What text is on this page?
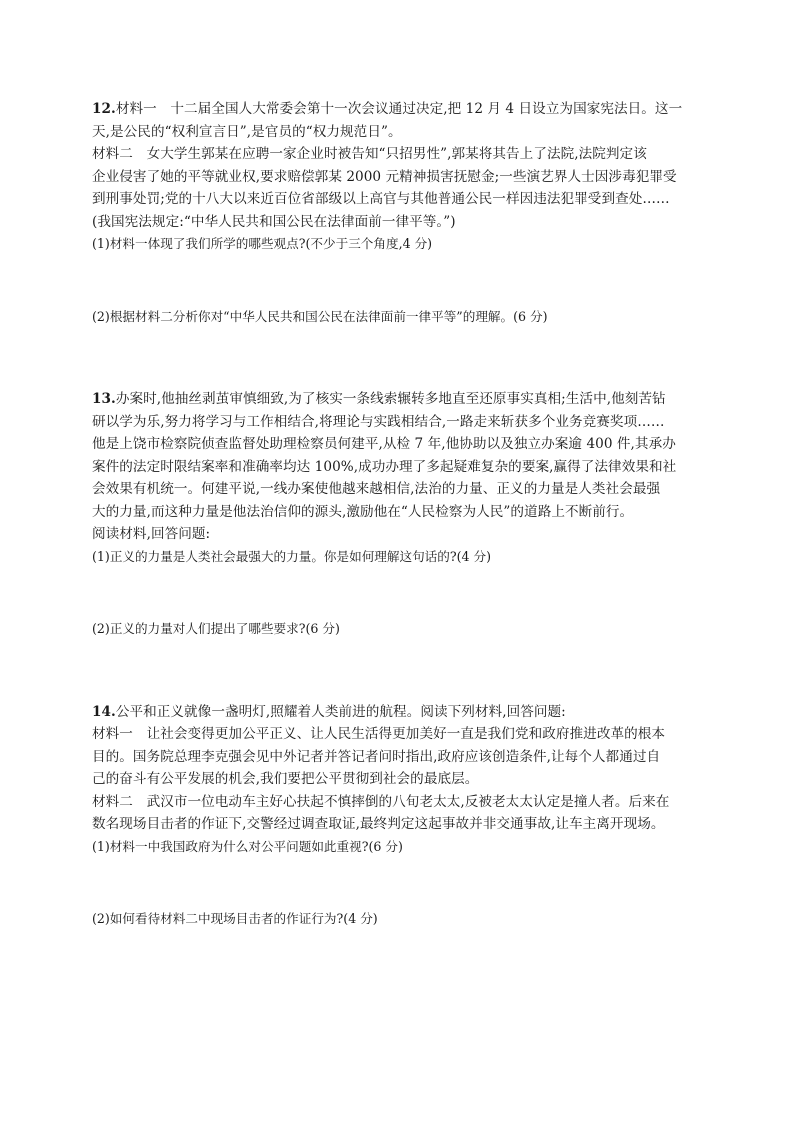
12.材料一　十二届全国人大常委会第十一次会议通过决定,把 12 月 4 日设立为国家宪法日。这一
天,是公民的“权利宣言日”,是官员的“权力规范日”。
材料二　女大学生郭某在应聘一家企业时被告知“只招男性”,郭某将其告上了法院,法院判定该
企业侵害了她的平等就业权,要求赔偿郭某 2000 元精神损害抚慰金;一些演艺界人士因涉毒犯罪受
到刑事处罚;党的十八大以来近百位省部级以上高官与其他普通公民一样因违法犯罪受到查处……
(我国宪法规定:“中华人民共和国公民在法律面前一律平等。”)
(1)材料一体现了我们所学的哪些观点?(不少于三个角度,4 分)
(2)根据材料二分析你对“中华人民共和国公民在法律面前一律平等”的理解。(6 分)
13.办案时,他抽丝剥茧审慎细致,为了核实一条线索辗转多地直至还原事实真相;生活中,他刻苦钻
研以学为乐,努力将学习与工作相结合,将理论与实践相结合,一路走来斩获多个业务竞赛奖项……
他是上饶市检察院侦查监督处助理检察员何建平,从检 7 年,他协助以及独立办案逾 400 件,其承办
案件的法定时限结案率和准确率均达 100%,成功办理了多起疑难复杂的要案,赢得了法律效果和社
会效果有机统一。何建平说,一线办案使他越来越相信,法治的力量、正义的力量是人类社会最强
大的力量,而这种力量是他法治信仰的源头,激励他在“人民检察为人民”的道路上不断前行。
阅读材料,回答问题:
(1)正义的力量是人类社会最强大的力量。你是如何理解这句话的?(4 分)
(2)正义的力量对人们提出了哪些要求?(6 分)
14.公平和正义就像一盏明灯,照耀着人类前进的航程。阅读下列材料,回答问题:
材料一　让社会变得更加公平正义、让人民生活得更加美好一直是我们党和政府推进改革的根本
目的。国务院总理李克强会见中外记者并答记者问时指出,政府应该创造条件,让每个人都通过自
己的奋斗有公平发展的机会,我们要把公平贯彻到社会的最底层。
材料二　武汉市一位电动车主好心扶起不慎摔倒的八旬老太太,反被老太太认定是撞人者。后来在
数名现场目击者的作证下,交警经过调查取证,最终判定这起事故并非交通事故,让车主离开现场。
(1)材料一中我国政府为什么对公平问题如此重视?(6 分)
(2)如何看待材料二中现场目击者的作证行为?(4 分)
